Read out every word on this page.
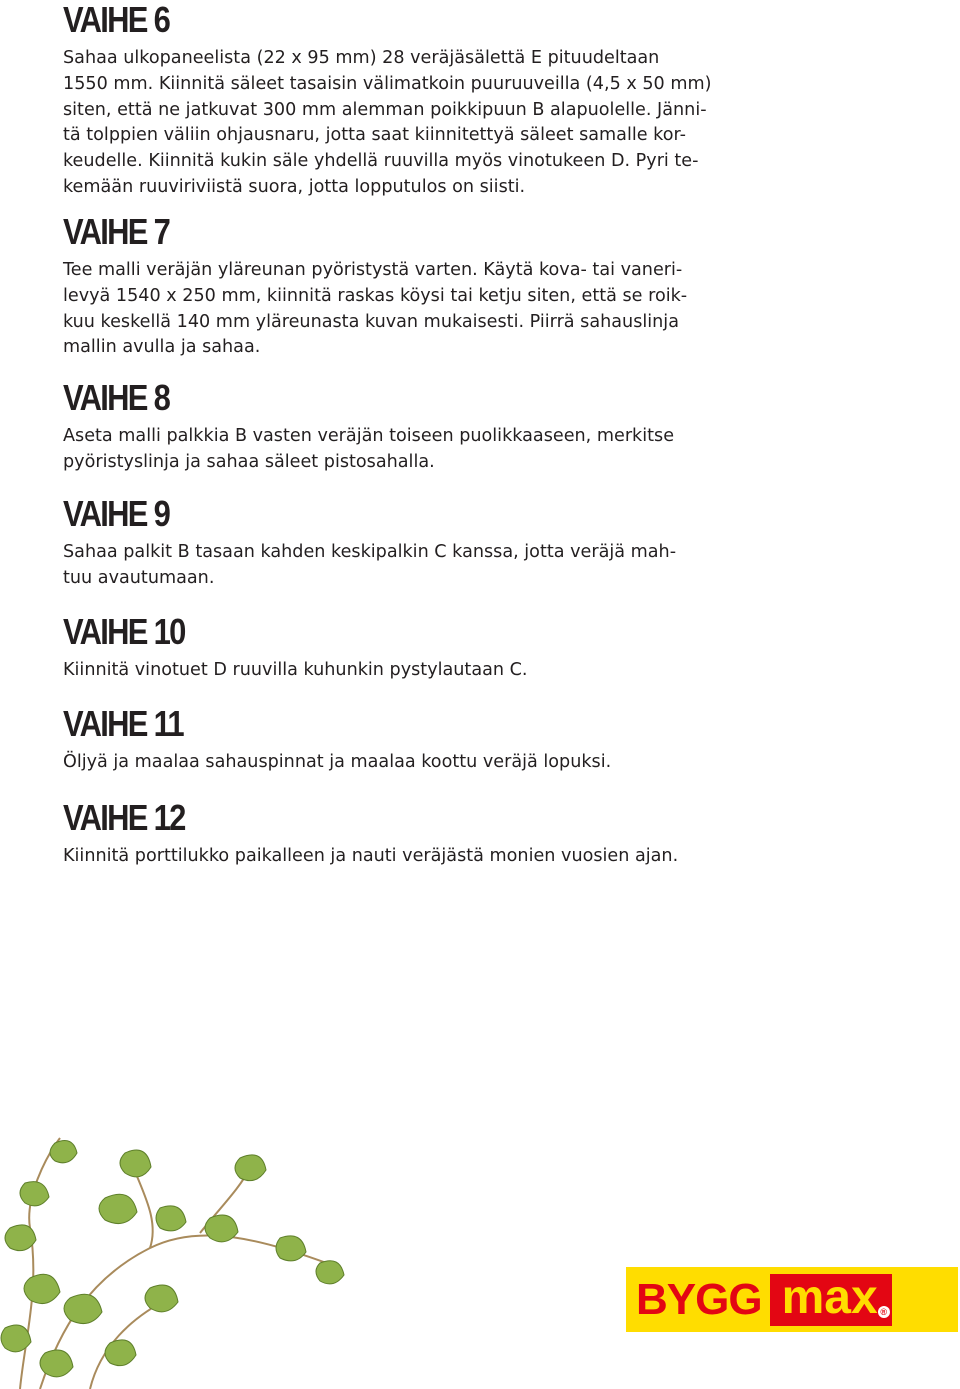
VAIHE 6

Sahaa ulkopaneelista (22 x 95 mm) 28 veräjäsälettä E pituudeltaan
1550 mm. Kiinnitä säleet tasaisin välimatkoin puuruuveilla (4,5 x 50 mm)
siten, että ne jatkuvat 300 mm alemman poikkipuun B alapuolelle. Jänni-
tä tolppien väliin ohjausnaru, jotta saat kiinnitettyä säleet samalle kor-
keudelle. Kiinnitä kukin säle yhdellä ruuvilla myös vinotukeen D. Pyri te-
kemään ruuviriviistä suora, jotta lopputulos on siisti.

VAIHE 7

Tee malli veräjän yläreunan pyöristystä varten. Käytä kova- tai vaneri-
levyä 1540 x 250 mm, kiinnitä raskas köysi tai ketju siten, että se roik-
kuu keskellä 140 mm yläreunasta kuvan mukaisesti. Piirrä sahauslinja
mallin avulla ja sahaa.

VAIHE 8

Aseta malli palkkia B vasten veräjän toiseen puolikkaaseen, merkitse
pyöristyslinja ja sahaa säleet pistosahalla.

VAIHE 9

Sahaa palkit B tasaan kahden keskipalkin C kanssa, jotta veräjä mah-
tuu avautumaan.

VAIHE 10

Kiinnitä vinotuet D ruuvilla kuhunkin pystylautaan C.

VAIHE 11

Öljyä ja maalaa sahauspinnat ja maalaa koottu veräjä lopuksi.

VAIHE 12

Kiinnitä porttilukko paikalleen ja nauti veräjästä monien vuosien ajan.

BYGG max ®
